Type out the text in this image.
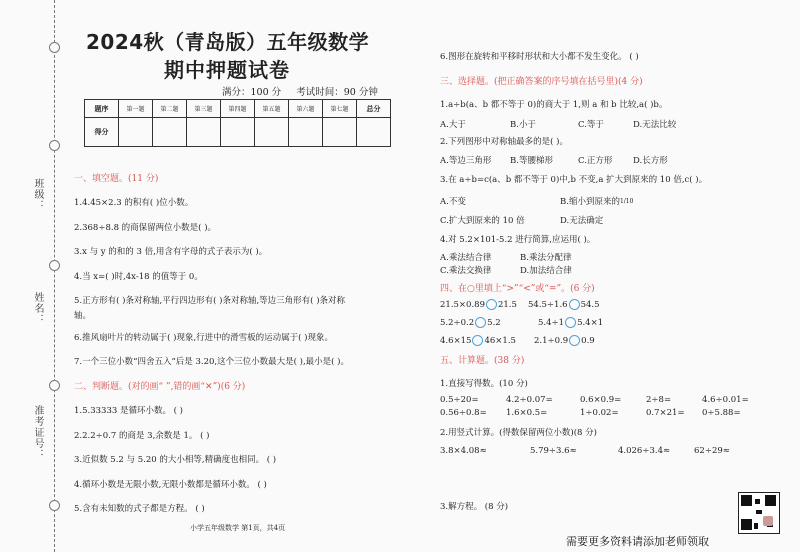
班级：
姓名：
准考证号：
2024秋（青岛版）五年级数学
期中押题试卷
满分：100 分 考试时间：90 分钟
题序	第一题	第二题	第三题	第四题	第五题	第六题	第七题	总分
得分								
一、填空题。(11 分)
1.4.45×2.3 的积有( )位小数。
2.368÷8.8 的商保留两位小数是( )。
3.x 与 y 的和的 3 倍,用含有字母的式子表示为( )。
4.当 x=( )时,4x-18 的值等于 0。
5.正方形有( )条对称轴,平行四边形有( )条对称轴,等边三角形有( )条对称
轴。
6.推风扇叶片的转动属于( )现象,行进中的滑雪板的运动属于( )现象。
7.一个三位小数“四舍五入”后是 3.20,这个三位小数最大是( ),最小是( )。
二、判断题。(对的画“ ”,错的画“✕”)(6 分)
1.5.33333 是循环小数。 ( )
2.2.2÷0.7 的商是 3,余数是 1。 ( )
3.近似数 5.2 与 5.20 的大小相等,精确度也相同。 ( )
4.循环小数是无限小数,无限小数都是循环小数。 ( )
5.含有未知数的式子都是方程。 ( )
6.图形在旋转和平移时形状和大小都不发生变化。 ( )
三、选择题。(把正确答案的序号填在括号里)(4 分)
1.a÷b(a、b 都不等于 0)的商大于 1,则 a 和 b 比较,a( )b。
A.大于	B.小于	C.等于	D.无法比较
2.下列图形中对称轴最多的是( )。
A.等边三角形 B.等腰梯形	C.正方形 D.长方形
3.在 a÷b=c(a、b 都不等于 0)中,b 不变,a 扩大到原来的 10 倍,c( )。
A.不变	B.缩小到原来的1/10
C.扩大到原来的 10 倍	D.无法确定
4.对 5.2×101-5.2 进行简算,应运用( )。
A.乘法结合律	B.乘法分配律
C.乘法交换律	D.加法结合律
四、在○里填上“>”“<”或“=”。(6 分)
21.5×0.89 21.5 54.5÷1.6 54.5
5.2÷0.2 5.2	5.4÷1 5.4×1
4.6×15 46×1.5 2.1÷0.9 0.9
五、计算题。(38 分)
1.直接写得数。(10 分)
0.5÷20=	4.2÷0.07=	0.6×0.9=	2÷8=	4.6÷0.01=
0.56÷0.8= 1.6×0.5=	1÷0.02=	0.7×21= 0÷5.88=
2.用竖式计算。(得数保留两位小数)(8 分)
3.8×4.08≈	5.79÷3.6≈	4.026÷3.4≈	62÷29≈
3.解方程。 (8 分)
小学五年级数学 第1页，共4页
需要更多资料请添加老师领取
